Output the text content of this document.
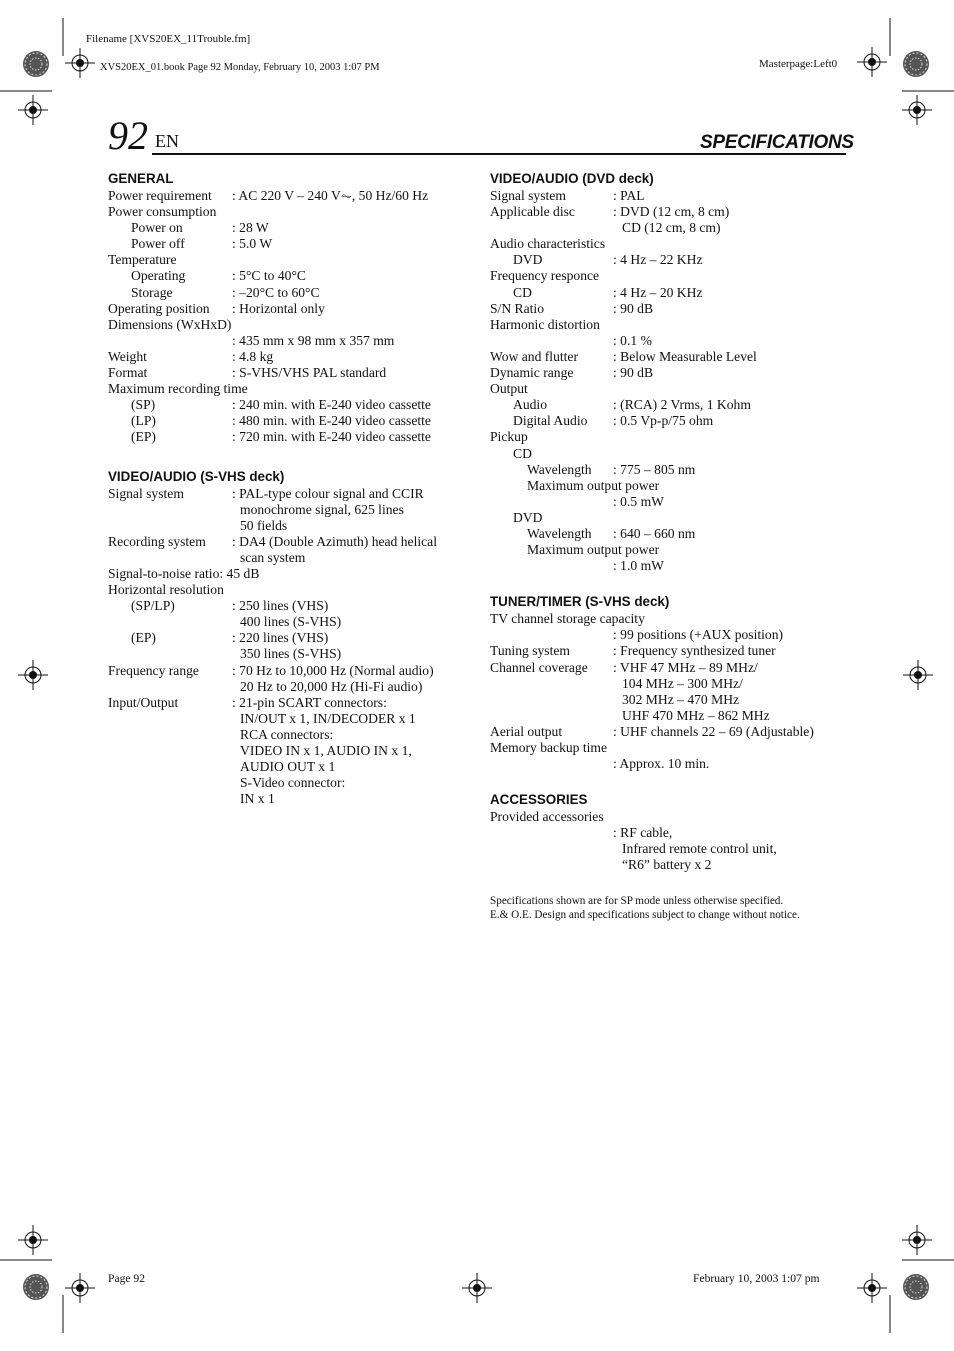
Filename [XVS20EX_11Trouble.fm]
XVS20EX_01.book Page 92 Monday, February 10, 2003 1:07 PM	Masterpage:Left0
92 EN	SPECIFICATIONS
GENERAL
Power requirement : AC 220 V – 240 V⏦, 50 Hz/60 Hz
Power consumption
Power on	: 28 W
Power off	: 5.0 W
Temperature
Operating	: 5°C to 40°C
Storage	: –20°C to 60°C
Operating position : Horizontal only
Dimensions (WxHxD)
: 435 mm x 98 mm x 357 mm
Weight	: 4.8 kg
Format	: S-VHS/VHS PAL standard
Maximum recording time
(SP)	: 240 min. with E-240 video cassette
(LP)	: 480 min. with E-240 video cassette
(EP)	: 720 min. with E-240 video cassette
VIDEO/AUDIO (S-VHS deck)
Signal system	: PAL-type colour signal and CCIR
monochrome signal, 625 lines
50 fields
Recording system : DA4 (Double Azimuth) head helical
scan system
Signal-to-noise ratio: 45 dB
Horizontal resolution
(SP/LP)	: 250 lines (VHS)
400 lines (S-VHS)
(EP)	: 220 lines (VHS)
350 lines (S-VHS)
Frequency range : 70 Hz to 10,000 Hz (Normal audio)
20 Hz to 20,000 Hz (Hi-Fi audio)
Input/Output	: 21-pin SCART connectors:
IN/OUT x 1, IN/DECODER x 1
RCA connectors:
VIDEO IN x 1, AUDIO IN x 1,
AUDIO OUT x 1
S-Video connector:
IN x 1
VIDEO/AUDIO (DVD deck)
Signal system	: PAL
Applicable disc	: DVD (12 cm, 8 cm)
CD (12 cm, 8 cm)
Audio characteristics
DVD	: 4 Hz – 22 KHz
Frequency responce
CD	: 4 Hz – 20 KHz
S/N Ratio	: 90 dB
Harmonic distortion
: 0.1 %
Wow and flutter	: Below Measurable Level
Dynamic range	: 90 dB
Output
Audio	: (RCA) 2 Vrms, 1 Kohm
Digital Audio : 0.5 Vp-p/75 ohm
Pickup
CD
Wavelength : 775 – 805 nm
Maximum output power
: 0.5 mW
DVD
Wavelength : 640 – 660 nm
Maximum output power
: 1.0 mW
TUNER/TIMER (S-VHS deck)
TV channel storage capacity
: 99 positions (+AUX position)
Tuning system	: Frequency synthesized tuner
Channel coverage : VHF 47 MHz – 89 MHz/
104 MHz – 300 MHz/
302 MHz – 470 MHz
UHF 470 MHz – 862 MHz
Aerial output	: UHF channels 22 – 69 (Adjustable)
Memory backup time
: Approx. 10 min.
ACCESSORIES
Provided accessories
: RF cable,
Infrared remote control unit,
“R6” battery x 2

Specifications shown are for SP mode unless otherwise specified.

E.& O.E. Design and specifications subject to change without notice.

Page 92	February 10, 2003 1:07 pm
